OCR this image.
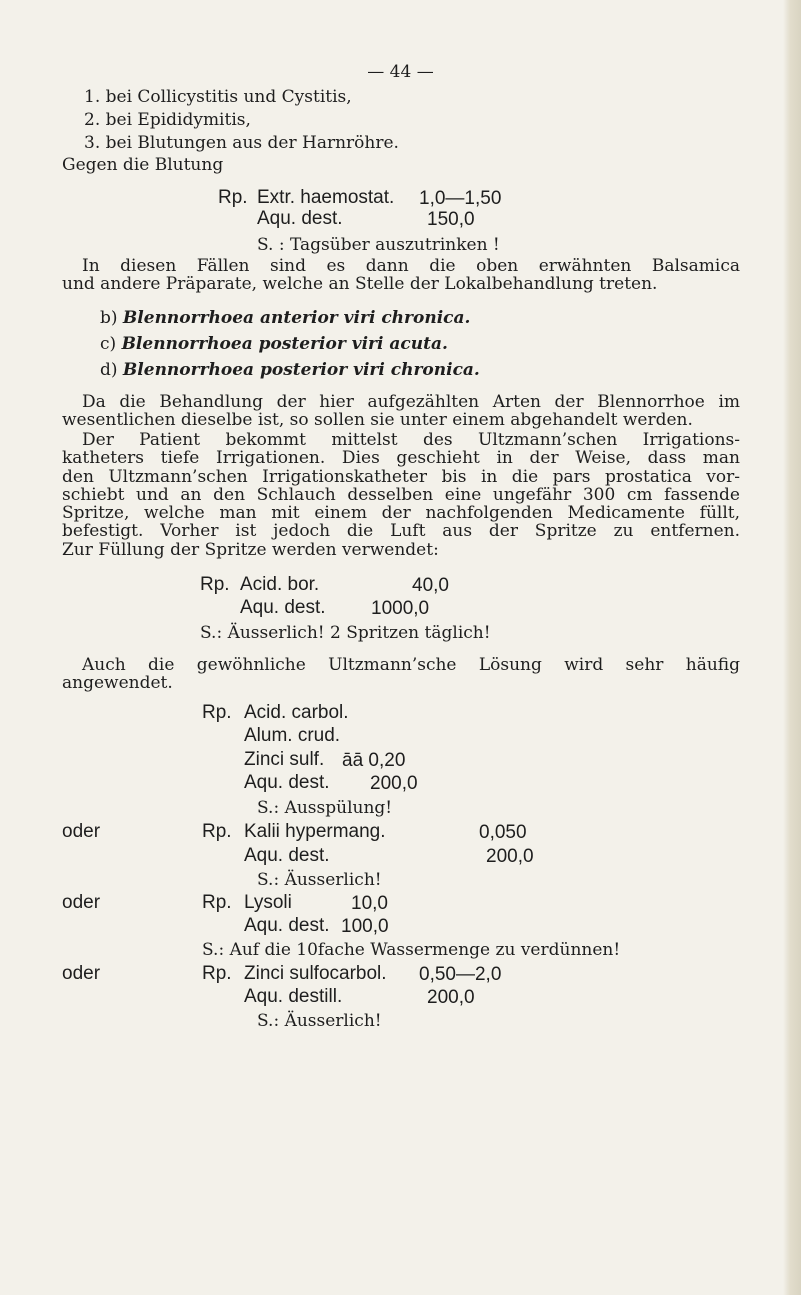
— 44 —
1. bei Collicystitis und Cystitis,
2. bei Epididymitis,
3. bei Blutungen aus der Harnröhre.
Gegen die Blutung
Rp. Extr. haemostat. 1,0—1,50
Aqu. dest.	150,0
S. : Tagsüber auszutrinken !
In diesen Fällen sind es dann die oben erwähnten Balsamica
und andere Präparate, welche an Stelle der Lokalbehandlung treten.
b) Blennorrhoea anterior viri chronica.
c) Blennorrhoea posterior viri acuta.
d) Blennorrhoea posterior viri chronica.
Da die Behandlung der hier aufgezählten Arten der Blennorrhoe im
wesentlichen dieselbe ist, so sollen sie unter einem abgehandelt werden.
Der Patient bekommt mittelst des Ultzmann’schen Irrigations-
katheters tiefe Irrigationen. Dies geschieht in der Weise, dass man
den Ultzmann’schen Irrigationskatheter bis in die pars prostatica vor-
schiebt und an den Schlauch desselben eine ungefähr 300 cm fassende
Spritze, welche man mit einem der nachfolgenden Medicamente füllt,
befestigt. Vorher ist jedoch die Luft aus der Spritze zu entfernen.
Zur Füllung der Spritze werden verwendet:
Rp. Acid. bor.	40,0
Aqu. dest. 1000,0
S.: Äusserlich! 2 Spritzen täglich!
Auch die gewöhnliche Ultzmann’sche Lösung wird sehr häufig
angewendet.
Rp. Acid. carbol.
Alum. crud.
Zinci sulf. āā 0,20
Aqu. dest. 200,0
S.: Ausspülung!
oder	Rp. Kalii hypermang.	0,050
Aqu. dest.	200,0
S.: Äusserlich!
oder	Rp. Lysoli	10,0
Aqu. dest. 100,0
S.: Auf die 10fache Wassermenge zu verdünnen!
oder	Rp. Zinci sulfocarbol. 0,50—2,0
Aqu. destill.	200,0
S.: Äusserlich!
